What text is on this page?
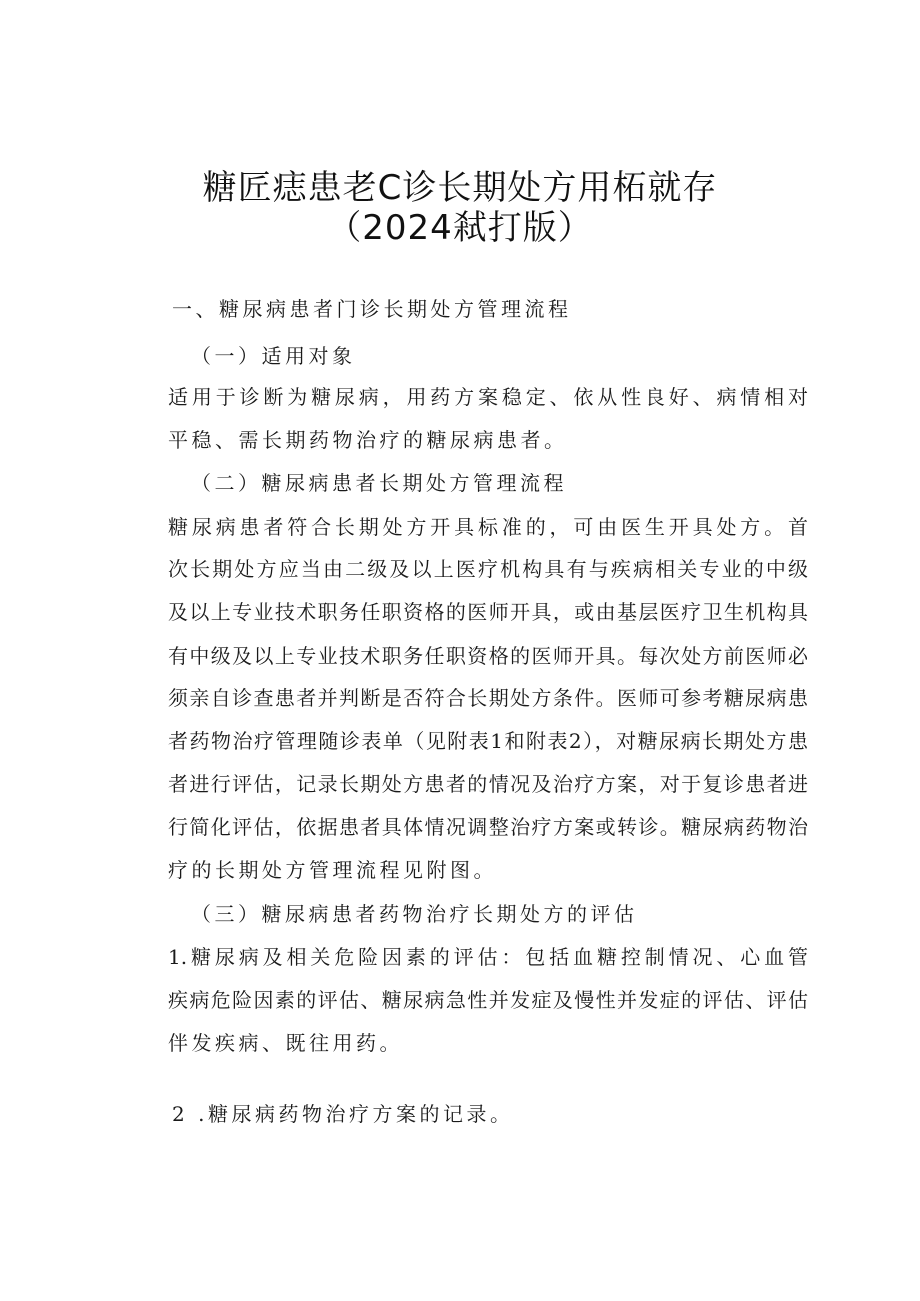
糖匠痣患老C诊长期处方用柘就存
（2024弒打版）
一、糖尿病患者门诊长期处方管理流程
（一）适用对象
适用于诊断为糖尿病，用药方案稳定、依从性良好、病情相对
平稳、需长期药物治疗的糖尿病患者。
（二）糖尿病患者长期处方管理流程
糖尿病患者符合长期处方开具标准的，可由医生开具处方。首
次长期处方应当由二级及以上医疗机构具有与疾病相关专业的中级
及以上专业技术职务任职资格的医师开具，或由基层医疗卫生机构具
有中级及以上专业技术职务任职资格的医师开具。每次处方前医师必
须亲自诊查患者并判断是否符合长期处方条件。医师可参考糖尿病患
者药物治疗管理随诊表单（见附表1和附表2），对糖尿病长期处方患
者进行评估，记录长期处方患者的情况及治疗方案，对于复诊患者进
行简化评估，依据患者具体情况调整治疗方案或转诊。糖尿病药物治
疗的长期处方管理流程见附图。
（三）糖尿病患者药物治疗长期处方的评估
1.糖尿病及相关危险因素的评估：包括血糖控制情况、心血管
疾病危险因素的评估、糖尿病急性并发症及慢性并发症的评估、评估
伴发疾病、既往用药。
2 .糖尿病药物治疗方案的记录。
